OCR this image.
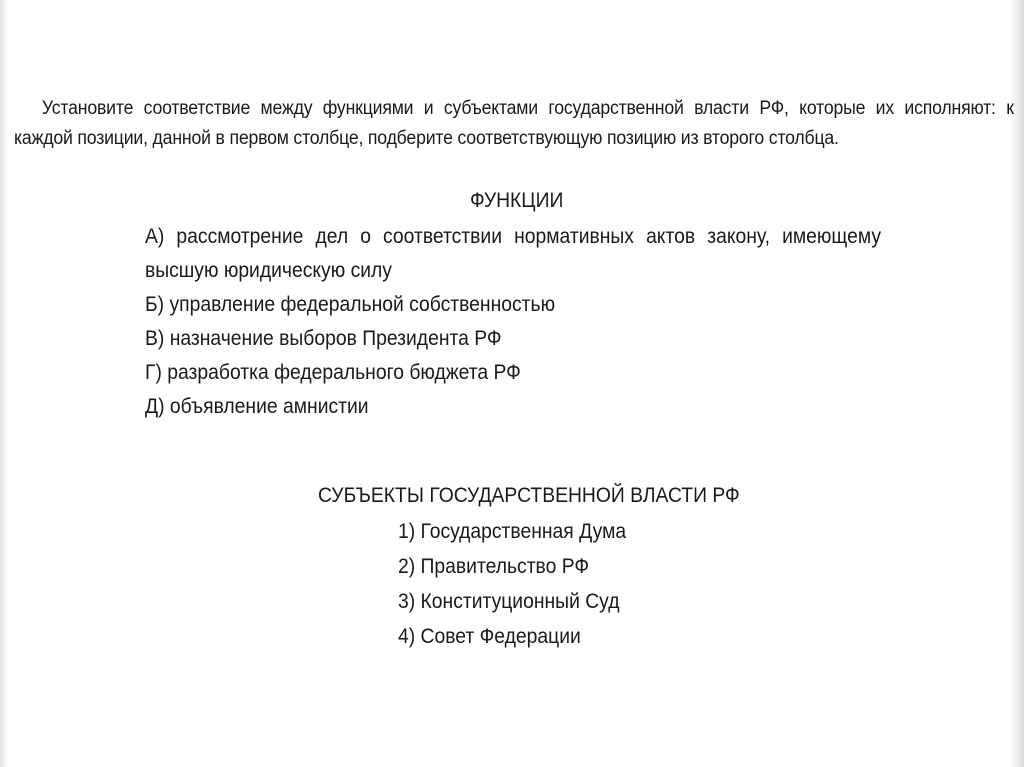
Установите соответствие между функциями и субъектами государственной власти РФ, которые их исполняют: к
каждой позиции, данной в первом столбце, подберите соответствующую позицию из второго столбца.
ФУНКЦИИ
А) рассмотрение дел о соответствии нормативных актов закону, имеющему
высшую юридическую силу
Б) управление федеральной собственностью
В) назначение выборов Президента РФ
Г) разработка федерального бюджета РФ
Д) объявление амнистии
СУБЪЕКТЫ ГОСУДАРСТВЕННОЙ ВЛАСТИ РФ
1) Государственная Дума
2) Правительство РФ
3) Конституционный Суд
4) Совет Федерации
